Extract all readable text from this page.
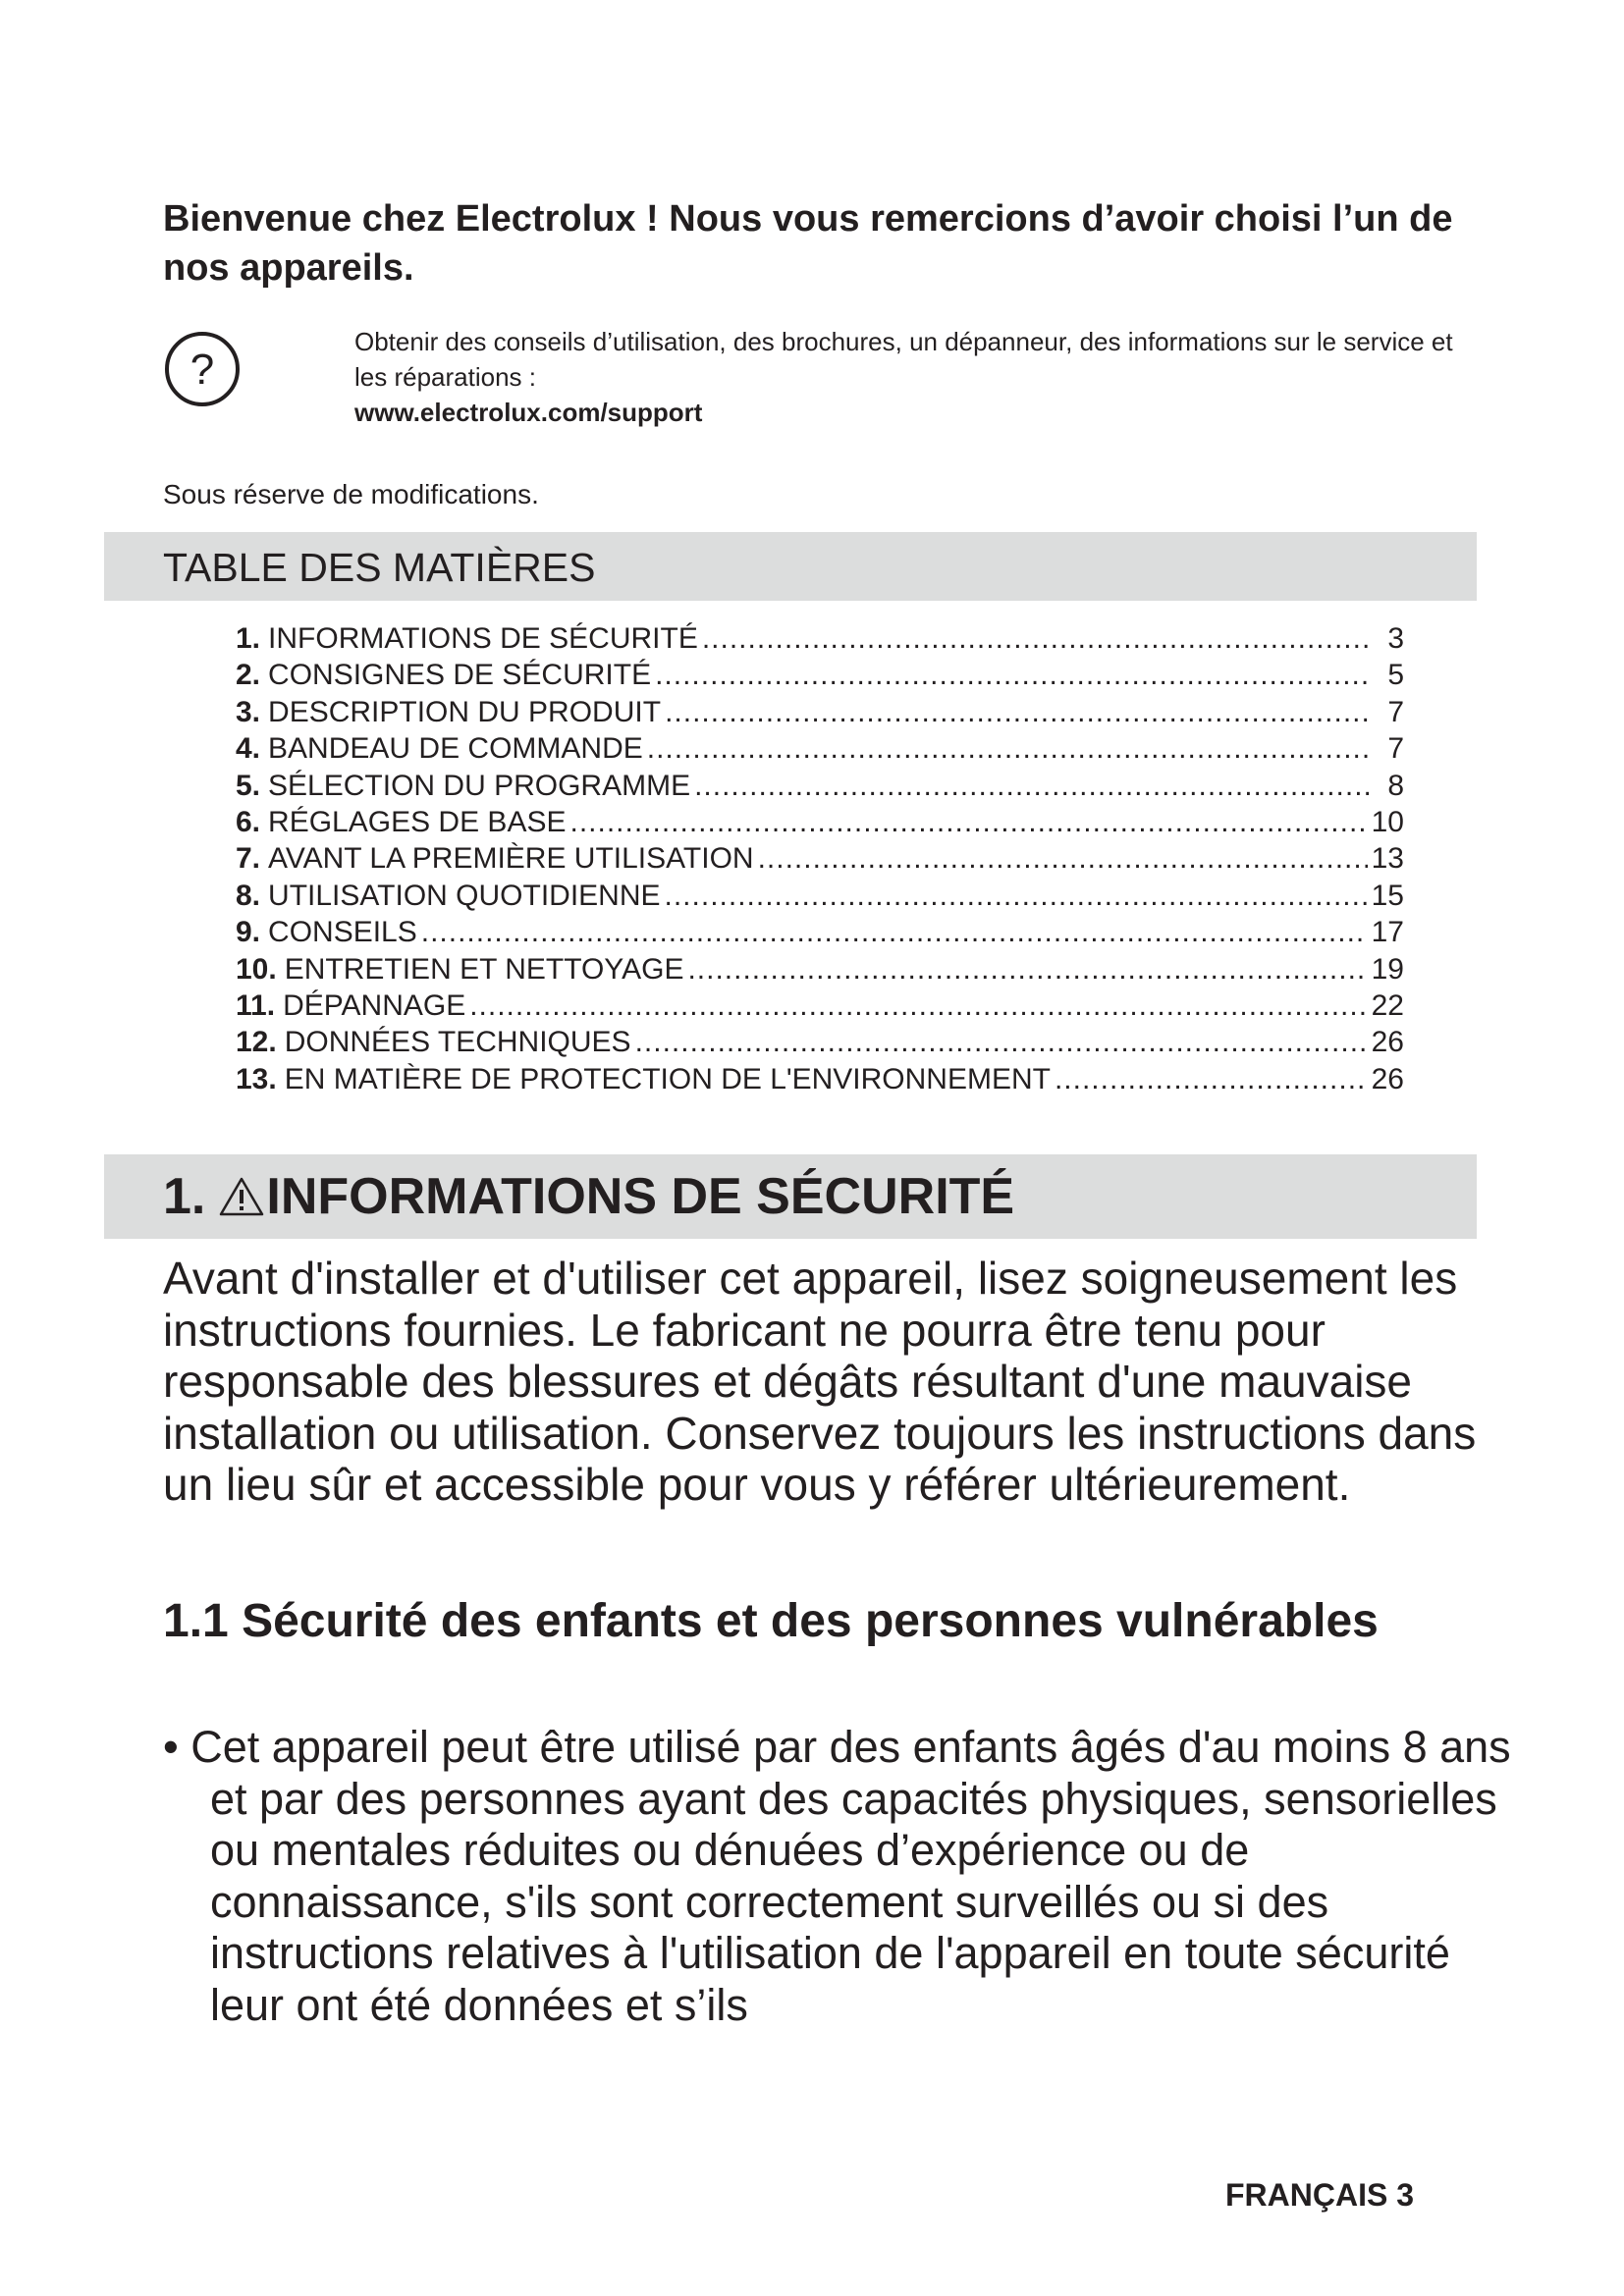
Bienvenue chez Electrolux ! Nous vous remercions d’avoir choisi l’un de nos appareils.
?

Obtenir des conseils d’utilisation, des brochures, un dépanneur, des informations sur le service et les réparations :
www.electrolux.com/support

Sous réserve de modifications.

TABLE DES MATIÈRES
1. INFORMATIONS DE SÉCURITÉ .....	3
2. CONSIGNES DE SÉCURITÉ .....	5
3. DESCRIPTION DU PRODUIT .....	7
4. BANDEAU DE COMMANDE .....	7
5. SÉLECTION DU PROGRAMME .....	8
6. RÉGLAGES DE BASE .....	10
7. AVANT LA PREMIÈRE UTILISATION .....	13
8. UTILISATION QUOTIDIENNE .....	15
9. CONSEILS .....	17
10. ENTRETIEN ET NETTOYAGE .....	19
11. DÉPANNAGE .....	22
12. DONNÉES TECHNIQUES .....	26
13. EN MATIÈRE DE PROTECTION DE L'ENVIRONNEMENT .....	26
1. INFORMATIONS DE SÉCURITÉ

Avant d'installer et d'utiliser cet appareil, lisez soigneusement les instructions fournies. Le fabricant ne pourra être tenu pour responsable des blessures et dégâts résultant d'une mauvaise installation ou utilisation. Conservez toujours les instructions dans un lieu sûr et accessible pour vous y référer ultérieurement.

1.1 Sécurité des enfants et des personnes vulnérables

• Cet appareil peut être utilisé par des enfants âgés d'au moins 8 ans et par des personnes ayant des capacités physiques, sensorielles ou mentales réduites ou dénuées d’expérience ou de connaissance, s'ils sont correctement surveillés ou si des instructions relatives à l'utilisation de l'appareil en toute sécurité leur ont été données et s’ils

FRANÇAIS 3
